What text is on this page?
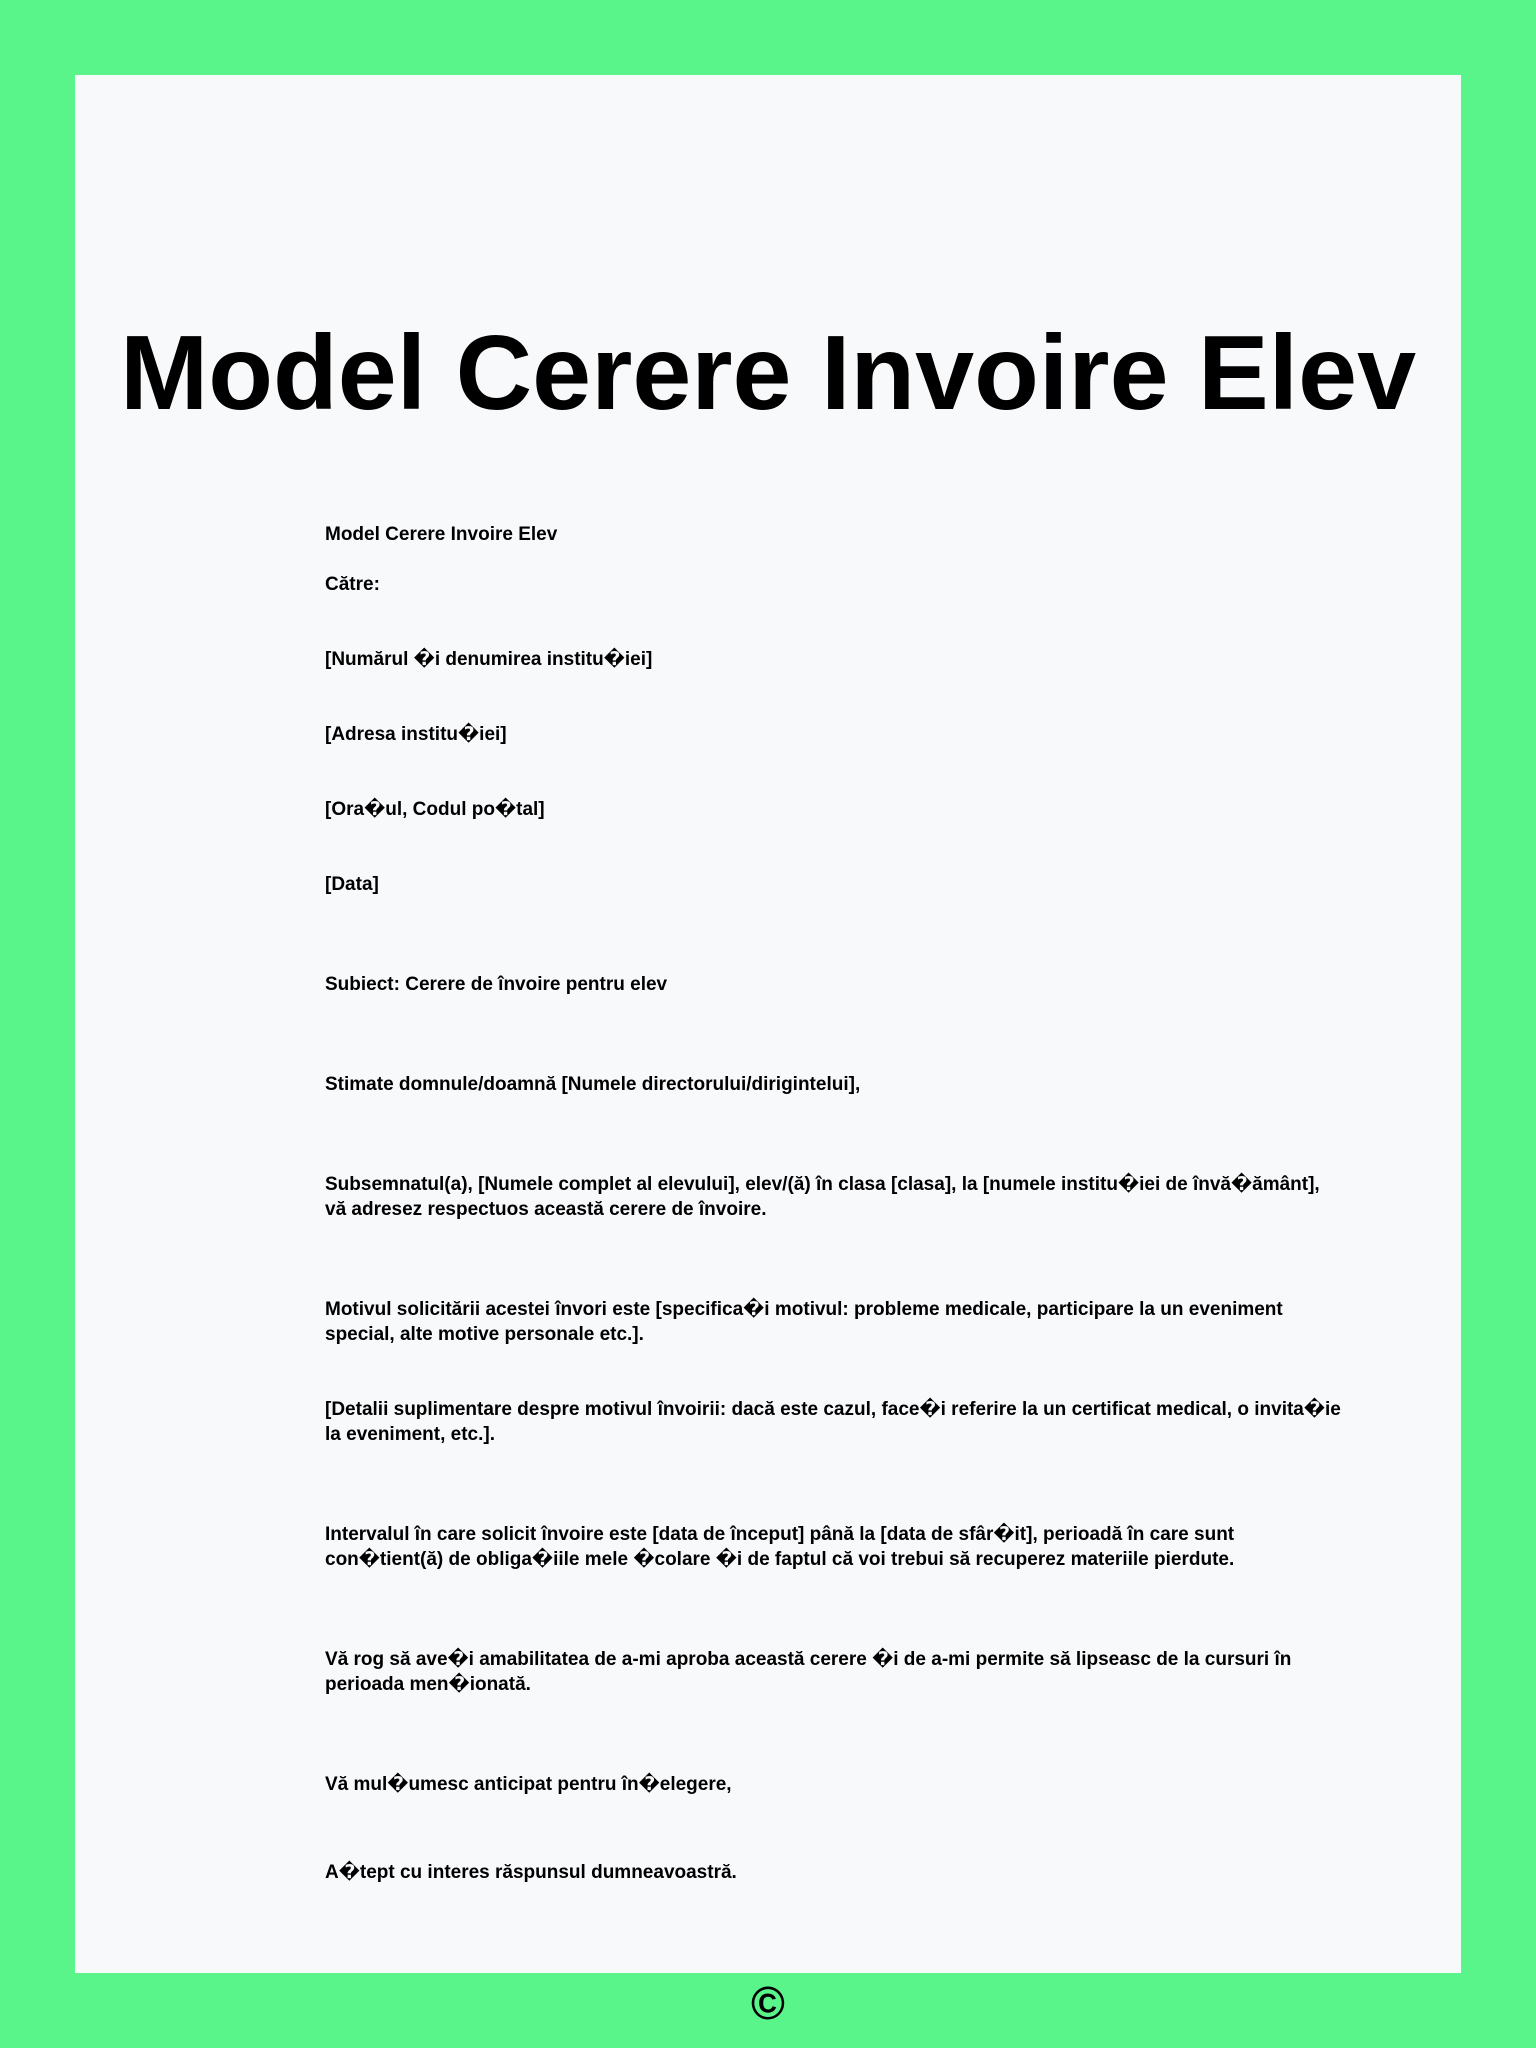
Model Cerere Invoire Elev

Model Cerere Invoire Elev

Către:

[Numărul �i denumirea institu�iei]

[Adresa institu�iei]

[Ora�ul, Codul po�tal]

[Data]

Subiect: Cerere de învoire pentru elev

Stimate domnule/doamnă [Numele directorului/dirigintelui],

Subsemnatul(a), [Numele complet al elevului], elev/(ă) în clasa [clasa], la [numele institu�iei de învă�ământ], vă adresez respectuos această cerere de învoire.

Motivul solicitării acestei învori este [specifica�i motivul: probleme medicale, participare la un eveniment special, alte motive personale etc.].

[Detalii suplimentare despre motivul învoirii: dacă este cazul, face�i referire la un certificat medical, o invita�ie la eveniment, etc.].

Intervalul în care solicit învoire este [data de început] până la [data de sfâr�it], perioadă în care sunt con�tient(ă) de obliga�iile mele �colare �i de faptul că voi trebui să recuperez materiile pierdute.

Vă rog să ave�i amabilitatea de a-mi aproba această cerere �i de a-mi permite să lipseasc de la cursuri în perioada men�ionată.

Vă mul�umesc anticipat pentru în�elegere,

A�tept cu interes răspunsul dumneavoastră.

©
